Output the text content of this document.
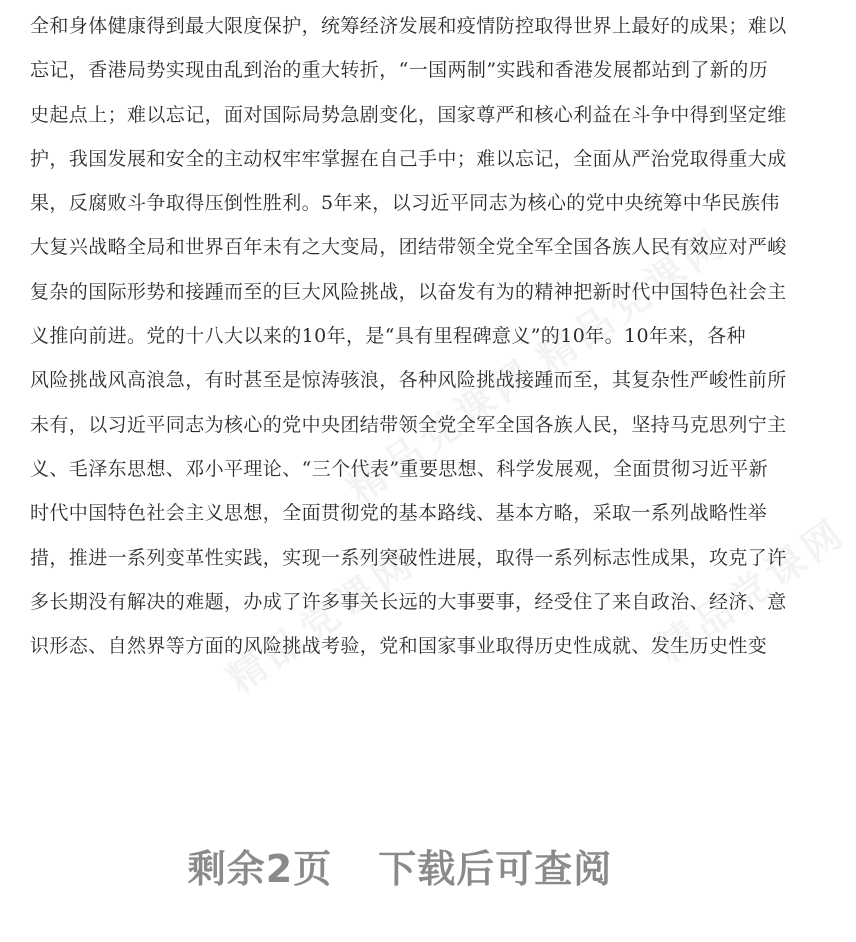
精品党课网
精品党课网
精品党课网
精品党课网
全和身体健康得到最大限度保护，统筹经济发展和疫情防控取得世界上最好的成果；难以
忘记，香港局势实现由乱到治的重大转折，“一国两制”实践和香港发展都站到了新的历
史起点上；难以忘记，面对国际局势急剧变化，国家尊严和核心利益在斗争中得到坚定维
护，我国发展和安全的主动权牢牢掌握在自己手中；难以忘记，全面从严治党取得重大成
果，反腐败斗争取得压倒性胜利。5年来，以习近平同志为核心的党中央统筹中华民族伟
大复兴战略全局和世界百年未有之大变局，团结带领全党全军全国各族人民有效应对严峻
复杂的国际形势和接踵而至的巨大风险挑战，以奋发有为的精神把新时代中国特色社会主
义推向前进。党的十八大以来的10年，是“具有里程碑意义”的10年。10年来，各种
风险挑战风高浪急，有时甚至是惊涛骇浪，各种风险挑战接踵而至，其复杂性严峻性前所
未有，以习近平同志为核心的党中央团结带领全党全军全国各族人民，坚持马克思列宁主
义、毛泽东思想、邓小平理论、“三个代表”重要思想、科学发展观，全面贯彻习近平新
时代中国特色社会主义思想，全面贯彻党的基本路线、基本方略，采取一系列战略性举
措，推进一系列变革性实践，实现一系列突破性进展，取得一系列标志性成果，攻克了许
多长期没有解决的难题，办成了许多事关长远的大事要事，经受住了来自政治、经济、意
识形态、自然界等方面的风险挑战考验，党和国家事业取得历史性成就、发生历史性变
剩余2页 下载后可查阅
